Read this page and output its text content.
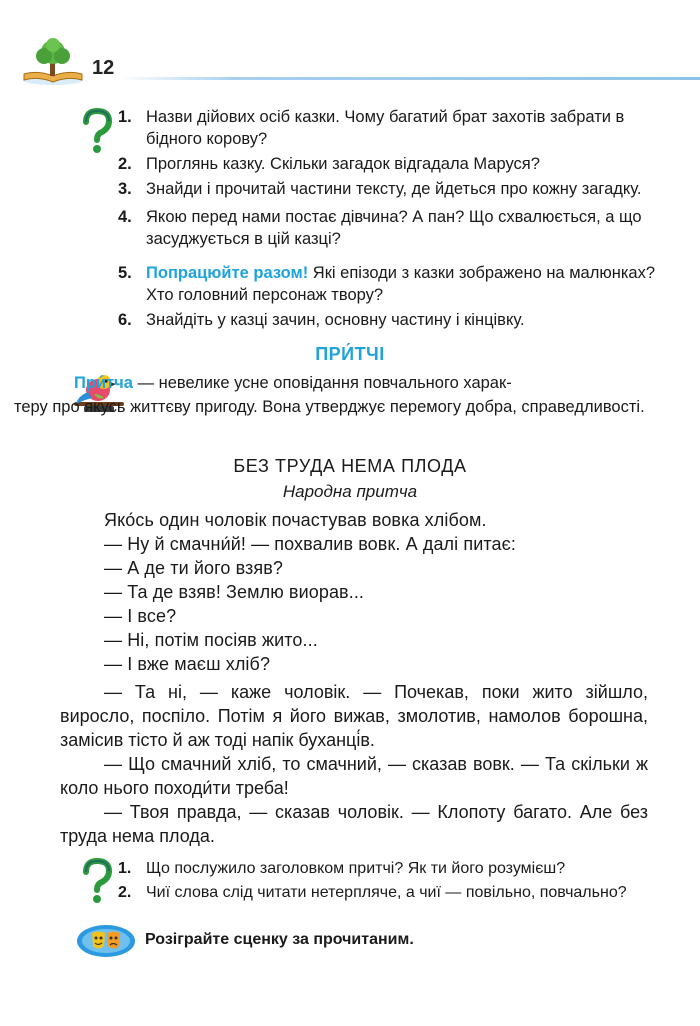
12
1. Назви дійових осіб казки. Чому багатий брат захотів забрати в бідного корову?
2. Проглянь казку. Скільки загадок відгадала Маруся?
3. Знайди і прочитай частини тексту, де йдеться про кожну загадку.
4. Якою перед нами постає дівчина? А пан? Що схвалюється, а що засуджується в цій казці?
5. Попрацюйте разом! Які епізоди з казки зображено на малюнках? Хто головний персонаж твору?
6. Знайдіть у казці зачин, основну частину і кінцівку.
ПРИ́ТЧІ
При́тча — невелике усне оповідання повчального харак-
теру про якусь життєву пригоду. Вона утверджує перемогу добра, справедливості.
БЕЗ ТРУДА НЕМА ПЛОДА
Народна притча

Яко́сь один чоловік почастував вовка хлібом.

— Ну й смачни́й! — похвалив вовк. А далі питає:

— А де ти його взяв?

— Та де взяв! Землю виорав...

— І все?

— Ні, потім посіяв жито...

— І вже маєш хліб?

— Та ні, — каже чоловік. — Почекав, поки жито зійшло, виросло, поспіло. Потім я його вижав, змолотив, намолов борошна, замісив тісто й аж тоді напік буханці́в.
— Що смачний хліб, то смачний, — сказав вовк. — Та скільки ж коло нього походи́ти треба!
— Твоя правда, — сказав чоловік. — Клопоту багато. Але без труда нема плода.
1. Що послужило заголовком притчі? Як ти його розумієш?
2. Чиї слова слід читати нетерпляче, а чиї — повільно, повчально?
Розіграйте сценку за прочитаним.
